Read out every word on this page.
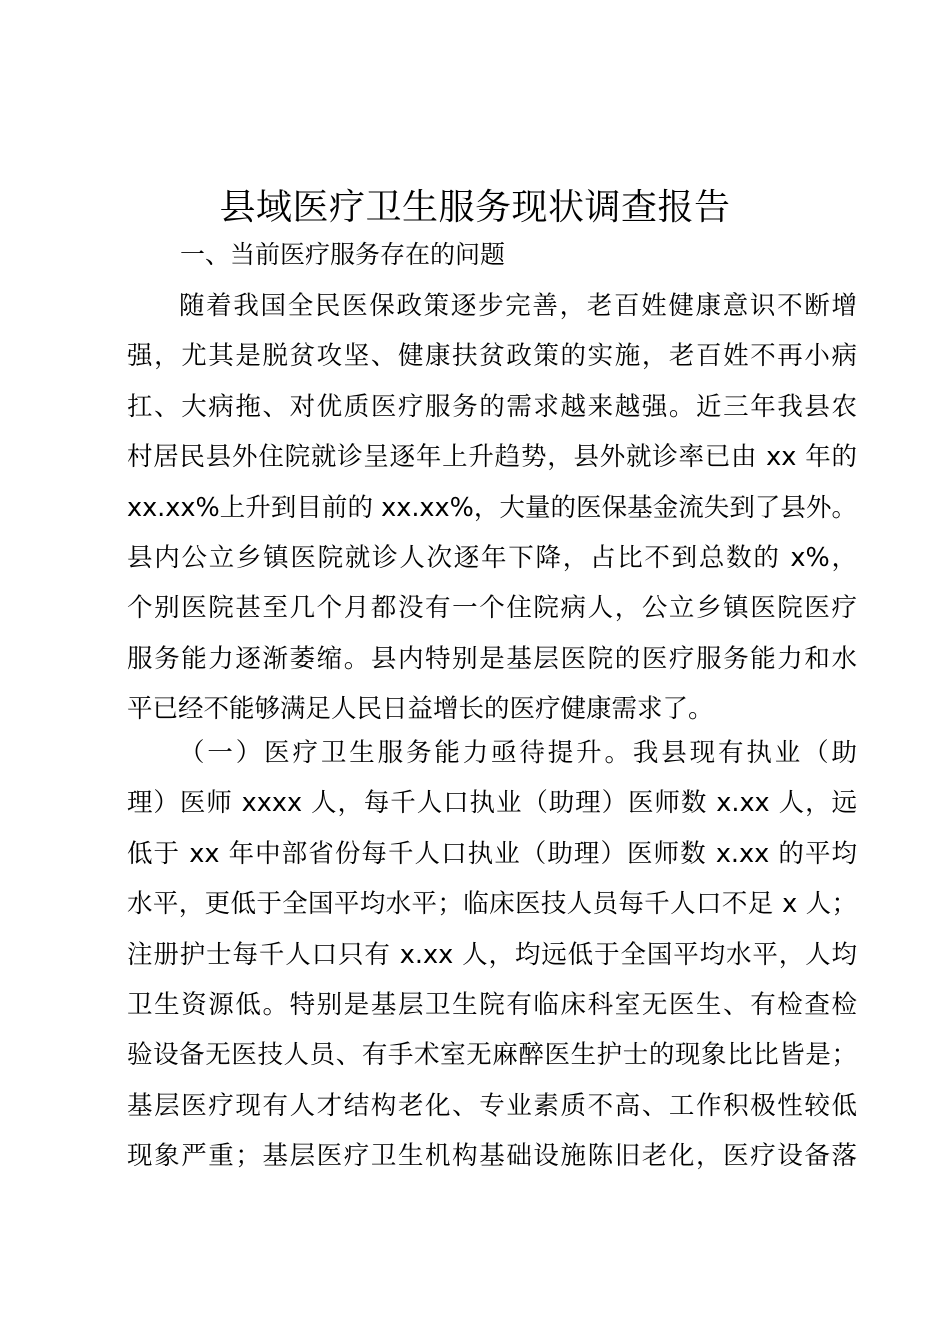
县域医疗卫生服务现状调查报告

一、当前医疗服务存在的问题

随着我国全民医保政策逐步完善，老百姓健康意识不断增
强，尤其是脱贫攻坚、健康扶贫政策的实施，老百姓不再小病
扛、大病拖、对优质医疗服务的需求越来越强。近三年我县农
村居民县外住院就诊呈逐年上升趋势，县外就诊率已由 xx 年的
xx.xx%上升到目前的 xx.xx%，大量的医保基金流失到了县外。
县内公立乡镇医院就诊人次逐年下降，占比不到总数的 x%，
个别医院甚至几个月都没有一个住院病人，公立乡镇医院医疗
服务能力逐渐萎缩。县内特别是基层医院的医疗服务能力和水
平已经不能够满足人民日益增长的医疗健康需求了。
（一）医疗卫生服务能力亟待提升。我县现有执业（助
理）医师 xxxx 人，每千人口执业（助理）医师数 x.xx 人，远
低于 xx 年中部省份每千人口执业（助理）医师数 x.xx 的平均
水平，更低于全国平均水平；临床医技人员每千人口不足 x 人；
注册护士每千人口只有 x.xx 人，均远低于全国平均水平，人均
卫生资源低。特别是基层卫生院有临床科室无医生、有检查检
验设备无医技人员、有手术室无麻醉医生护士的现象比比皆是；
基层医疗现有人才结构老化、专业素质不高、工作积极性较低
现象严重；基层医疗卫生机构基础设施陈旧老化，医疗设备落
